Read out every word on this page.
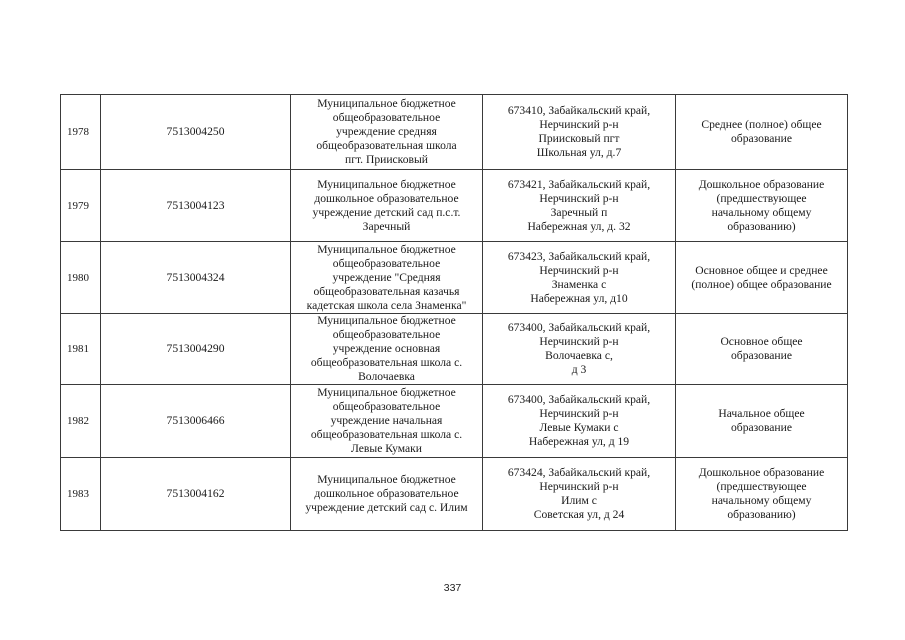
1978	7513004250	Муниципальное бюджетное
общеобразовательное
учреждение средняя
общеобразовательная школа
пгт. Приисковый	673410, Забайкальский край,
Нерчинский р-н
Приисковый пгт
Школьная ул, д.7	Среднее (полное) общее
образование

1979	7513004123	Муниципальное бюджетное
дошкольное образовательное
учреждение детский сад п.с.т.
Заречный	673421, Забайкальский край,
Нерчинский р-н
Заречный п
Набережная ул, д. 32	Дошкольное образование
(предшествующее
начальному общему
образованию)

1980	7513004324	Муниципальное бюджетное
общеобразовательное
учреждение "Средняя
общеобразовательная казачья
кадетская школа села Знаменка"	673423, Забайкальский край,
Нерчинский р-н
Знаменка с
Набережная ул, д10	Основное общее и среднее
(полное) общее образование

1981	7513004290	Муниципальное бюджетное
общеобразовательное
учреждение основная
общеобразовательная школа с.
Волочаевка	673400, Забайкальский край,
Нерчинский р-н
Волочаевка с,
д 3	Основное общее
образование

1982	7513006466	Муниципальное бюджетное
общеобразовательное
учреждение начальная
общеобразовательная школа с.
Левые Кумаки	673400, Забайкальский край,
Нерчинский р-н
Левые Кумаки с
Набережная ул, д 19	Начальное общее
образование

1983	7513004162	Муниципальное бюджетное
дошкольное образовательное
учреждение детский сад с. Илим	673424, Забайкальский край,
Нерчинский р-н
Илим с
Советская ул, д 24	Дошкольное образование
(предшествующее
начальному общему
образованию)
337
